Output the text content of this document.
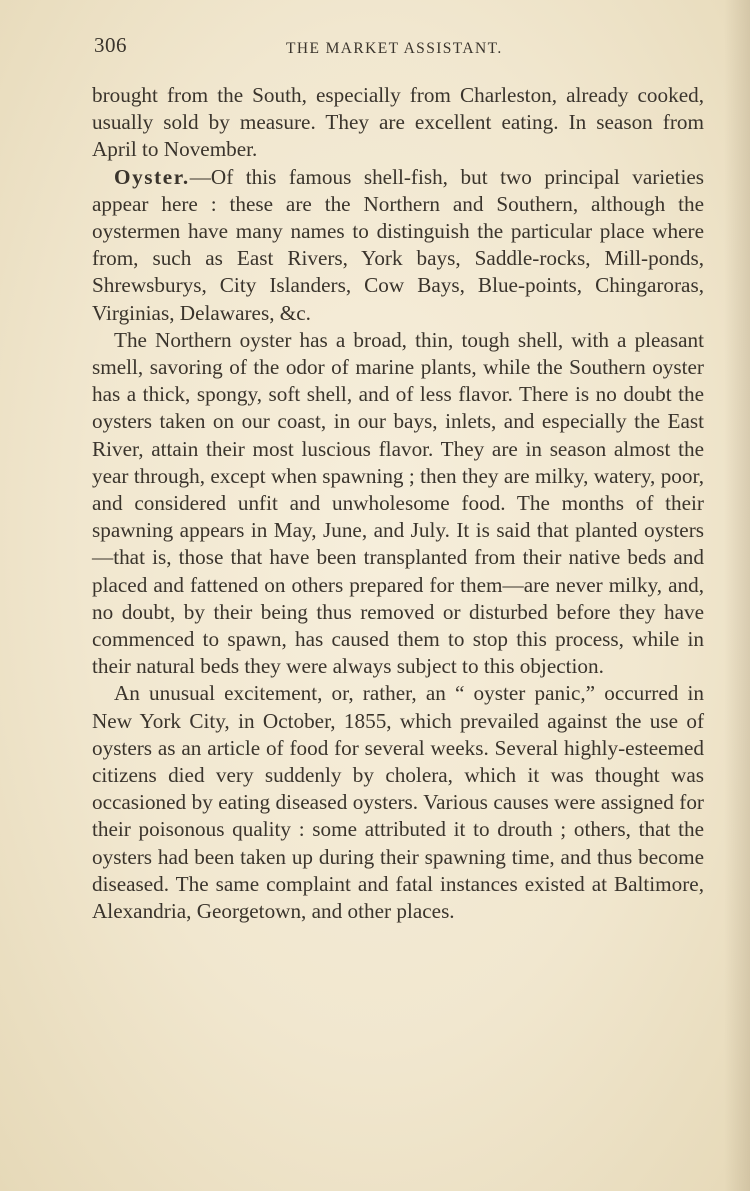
306	THE MARKET ASSISTANT.

brought from the South, especially from Charleston, already cooked, usually sold by measure. They are excellent eating. In season from April to November.

Oyster.—Of this famous shell-fish, but two principal varieties appear here : these are the Northern and Southern, although the oystermen have many names to distinguish the particular place where from, such as East Rivers, York bays, Saddle-rocks, Mill-ponds, Shrewsburys, City Islanders, Cow Bays, Blue-points, Chingaroras, Virginias, Delawares, &c.

The Northern oyster has a broad, thin, tough shell, with a pleasant smell, savoring of the odor of marine plants, while the Southern oyster has a thick, spongy, soft shell, and of less flavor. There is no doubt the oysters taken on our coast, in our bays, inlets, and especially the East River, attain their most luscious flavor. They are in season almost the year through, except when spawning ; then they are milky, watery, poor, and considered unfit and unwholesome food. The months of their spawning appears in May, June, and July. It is said that planted oysters—that is, those that have been transplanted from their native beds and placed and fattened on others prepared for them—are never milky, and, no doubt, by their being thus removed or disturbed before they have commenced to spawn, has caused them to stop this process, while in their natural beds they were always subject to this objection.

An unusual excitement, or, rather, an “ oyster panic,” occurred in New York City, in October, 1855, which prevailed against the use of oysters as an article of food for several weeks. Several highly-esteemed citizens died very suddenly by cholera, which it was thought was occasioned by eating diseased oysters. Various causes were assigned for their poisonous quality : some attributed it to drouth ; others, that the oysters had been taken up during their spawning time, and thus become diseased. The same complaint and fatal instances existed at Baltimore, Alexandria, Georgetown, and other places.
